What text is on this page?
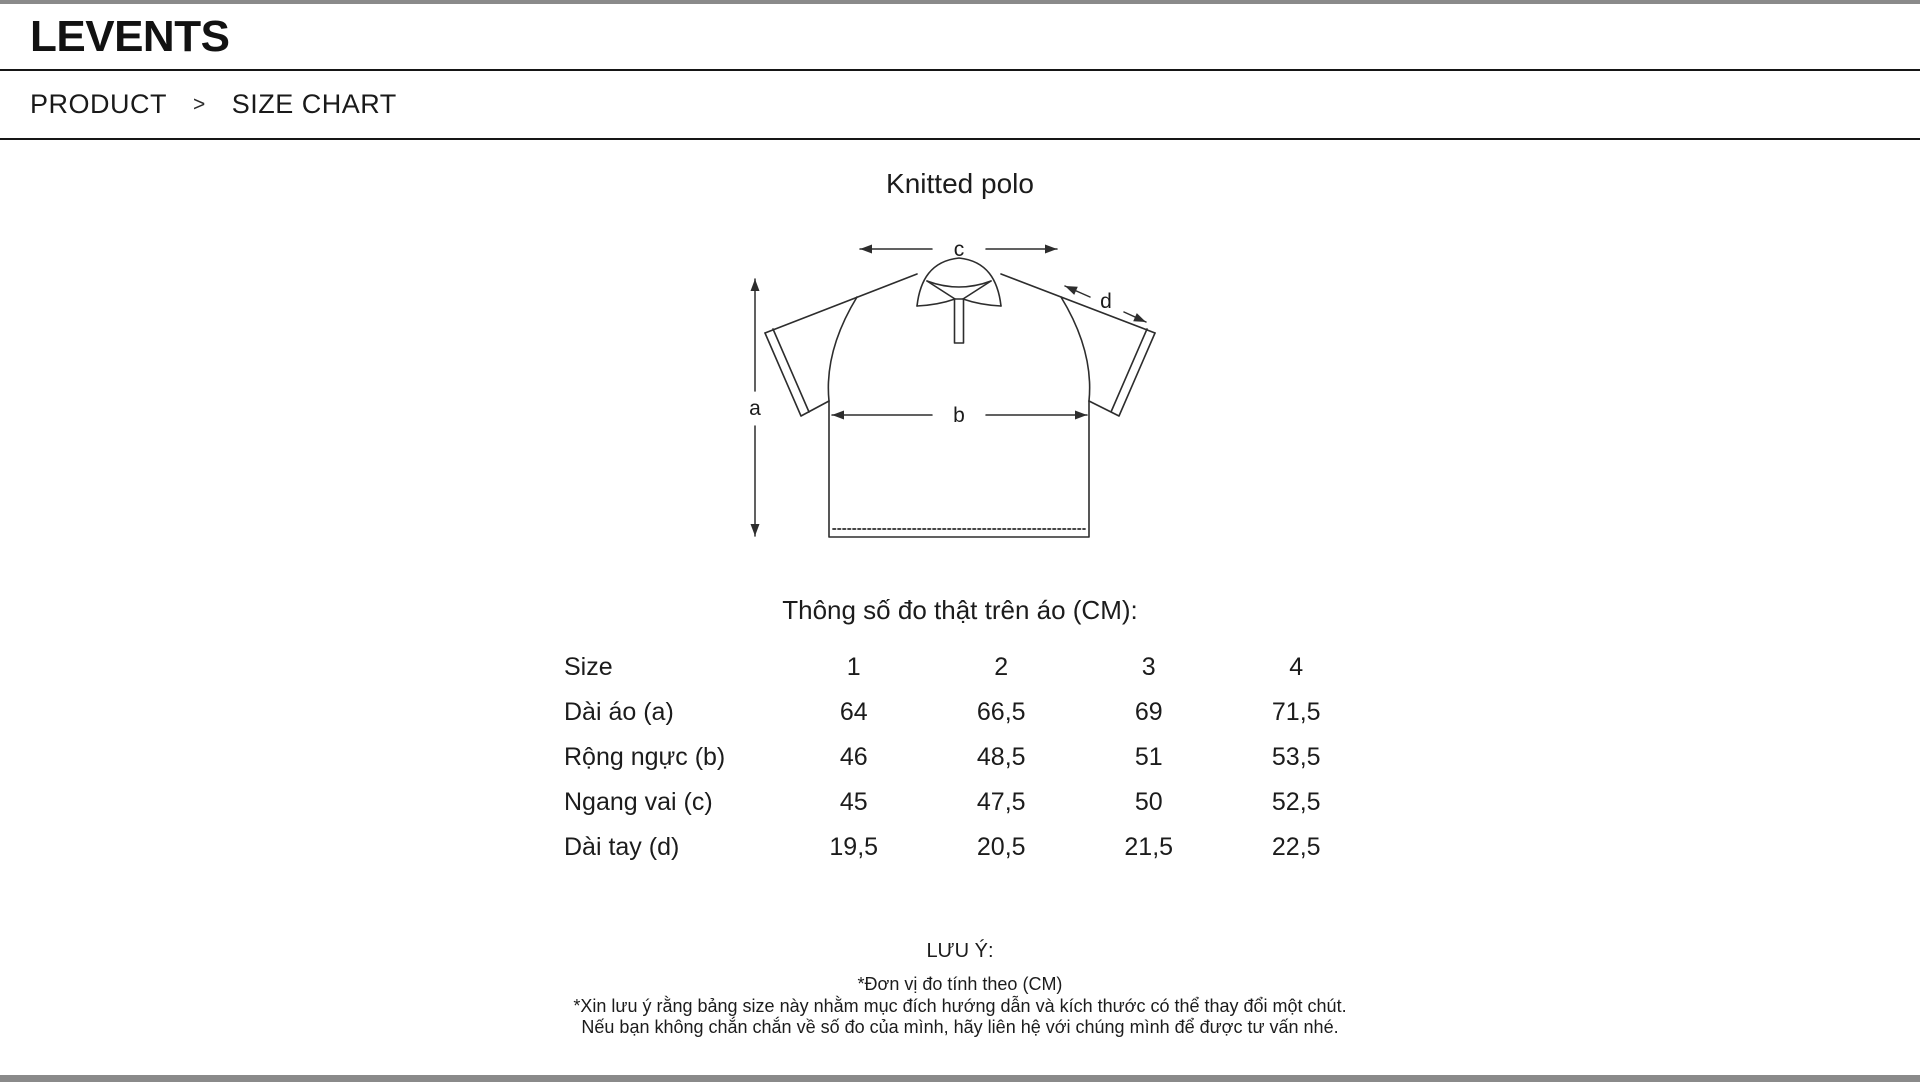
LEVENTS
PRODUCT > SIZE CHART
Knitted polo
c
a	b
d
Thông số đo thật trên áo (CM):
Size	1	2	3	4
Dài áo (a)	64	66,5	69	71,5
Rộng ngực (b)	46	48,5	51	53,5
Ngang vai (c)	45	47,5	50	52,5
Dài tay (d)	19,5	20,5	21,5	22,5
LƯU Ý:
*Đơn vị đo tính theo (CM)
*Xin lưu ý rằng bảng size này nhằm mục đích hướng dẫn và kích thước có thể thay đổi một chút.
Nếu bạn không chắn chắn về số đo của mình, hãy liên hệ với chúng mình để được tư vấn nhé.
